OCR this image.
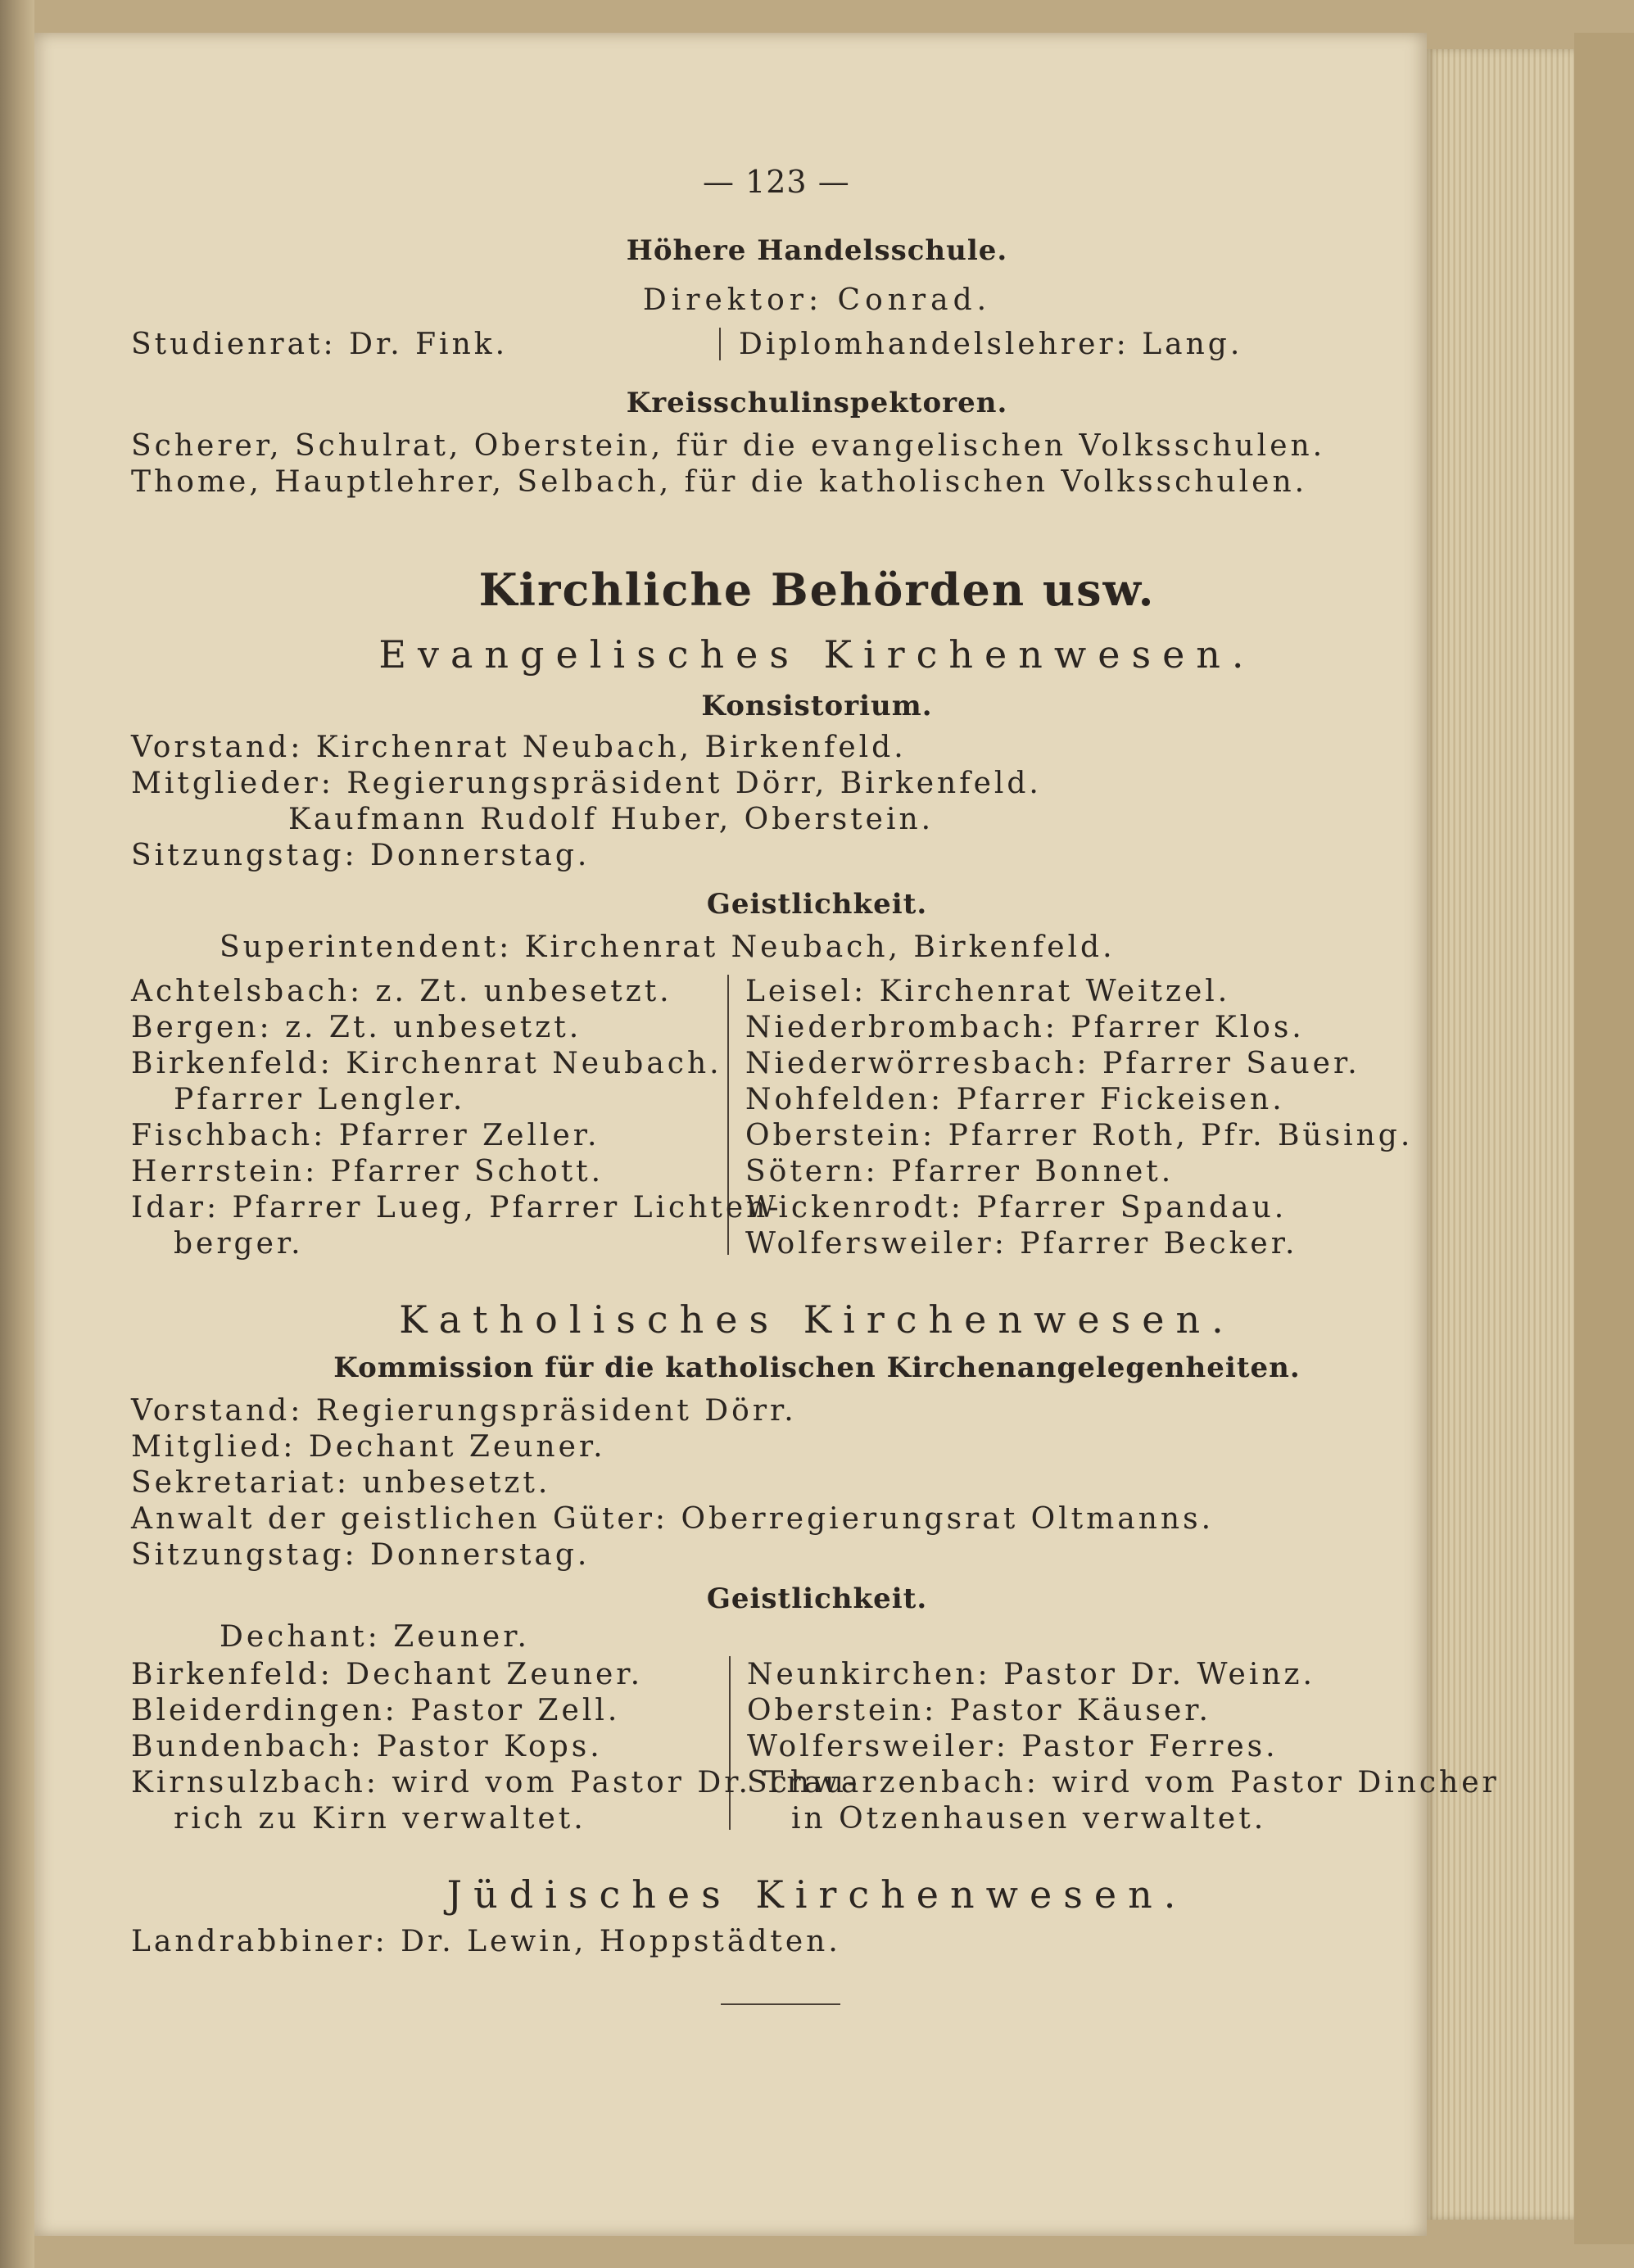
— 123 —
Höhere Handelsschule.
Direktor: Conrad.
Studienrat: Dr. Fink.	Diplomhandelslehrer: Lang.
Kreisschulinspektoren.
Scherer, Schulrat, Oberstein, für die evangelischen Volksschulen.
Thome, Hauptlehrer, Selbach, für die katholischen Volksschulen.
Kirchliche Behörden usw.
Evangelisches Kirchenwesen.
Konsistorium.
Vorstand: Kirchenrat Neubach, Birkenfeld.
Mitglieder: Regierungspräsident Dörr, Birkenfeld.
Kaufmann Rudolf Huber, Oberstein.
Sitzungstag: Donnerstag.
Geistlichkeit.
Superintendent: Kirchenrat Neubach, Birkenfeld.
Achtelsbach: z. Zt. unbesetzt.
Bergen: z. Zt. unbesetzt.
Birkenfeld: Kirchenrat Neubach.
Pfarrer Lengler.
Fischbach: Pfarrer Zeller.
Herrstein: Pfarrer Schott.
Idar: Pfarrer Lueg, Pfarrer Lichten-
berger.
Leisel: Kirchenrat Weitzel.
Niederbrombach: Pfarrer Klos.
Niederwörresbach: Pfarrer Sauer.
Nohfelden: Pfarrer Fickeisen.
Oberstein: Pfarrer Roth, Pfr. Büsing.
Sötern: Pfarrer Bonnet.
Wickenrodt: Pfarrer Spandau.
Wolfersweiler: Pfarrer Becker.
Katholisches Kirchenwesen.
Kommission für die katholischen Kirchenangelegenheiten.
Vorstand: Regierungspräsident Dörr.
Mitglied: Dechant Zeuner.
Sekretariat: unbesetzt.
Anwalt der geistlichen Güter: Oberregierungsrat Oltmanns.
Sitzungstag: Donnerstag.
Geistlichkeit.
Dechant: Zeuner.
Birkenfeld: Dechant Zeuner.
Bleiderdingen: Pastor Zell.
Bundenbach: Pastor Kops.
Kirnsulzbach: wird vom Pastor Dr. Trau-
rich zu Kirn verwaltet.
Neunkirchen: Pastor Dr. Weinz.
Oberstein: Pastor Käuser.
Wolfersweiler: Pastor Ferres.
Schwarzenbach: wird vom Pastor Dincher
in Otzenhausen verwaltet.
Jüdisches Kirchenwesen.
Landrabbiner: Dr. Lewin, Hoppstädten.
